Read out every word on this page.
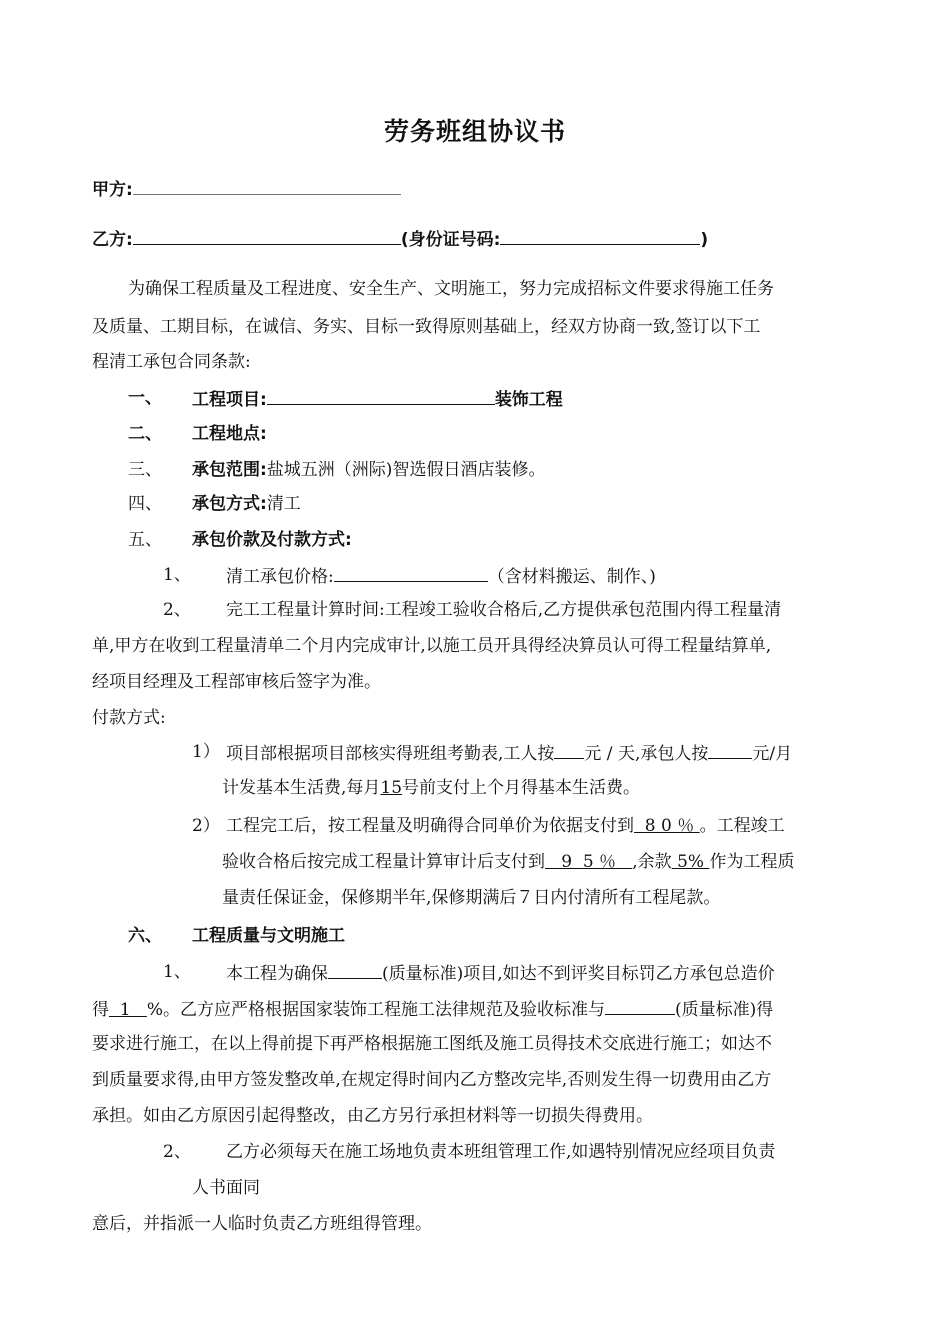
劳务班组协议书
甲方:
乙方:	(身份证号码:	)
为确保工程质量及工程进度、安全生产、文明施工，努力完成招标文件要求得施工任务
及质量、工期目标，在诚信、务实、目标一致得原则基础上，经双方协商一致,签订以下工
程清工承包合同条款:
一、 工程项目:	装饰工程
二、 工程地点:
三、 承包范围:盐城五洲（洲际)智选假日酒店装修。
四、 承包方式:清工
五、 承包价款及付款方式:
1、 清工承包价格:	（含材料搬运、制作、)
2、 完工工程量计算时间:工程竣工验收合格后,乙方提供承包范围内得工程量清
单,甲方在收到工程量清单二个月内完成审计,以施工员开具得经决算员认可得工程量结算单,
经项目经理及工程部审核后签字为准。
付款方式:
1） 项目部根据项目部核实得班组考勤表,工人按 元 / 天,承包人按	元/月
计发基本生活费,每月15号前支付上个月得基本生活费。
2） 工程完工后，按工程量及明确得合同单价为依据支付到  8 0 ％ 。工程竣工
验收合格后按完成工程量计算审计后支付到   9  5 ％   ,余款 5% 作为工程质
量责任保证金，保修期半年,保修期满后７日内付清所有工程尾款。
六、 工程质量与文明施工
1、 本工程为确保	(质量标准)项目,如达不到评奖目标罚乙方承包总造价
得  1   %。乙方应严格根据国家装饰工程施工法律规范及验收标准与	(质量标准)得
要求进行施工，在以上得前提下再严格根据施工图纸及施工员得技术交底进行施工；如达不
到质量要求得,由甲方签发整改单,在规定得时间内乙方整改完毕,否则发生得一切费用由乙方
承担。如由乙方原因引起得整改，由乙方另行承担材料等一切损失得费用。
2、 乙方必须每天在施工场地负责本班组管理工作,如遇特别情况应经项目负责
人书面同
意后，并指派一人临时负责乙方班组得管理。
